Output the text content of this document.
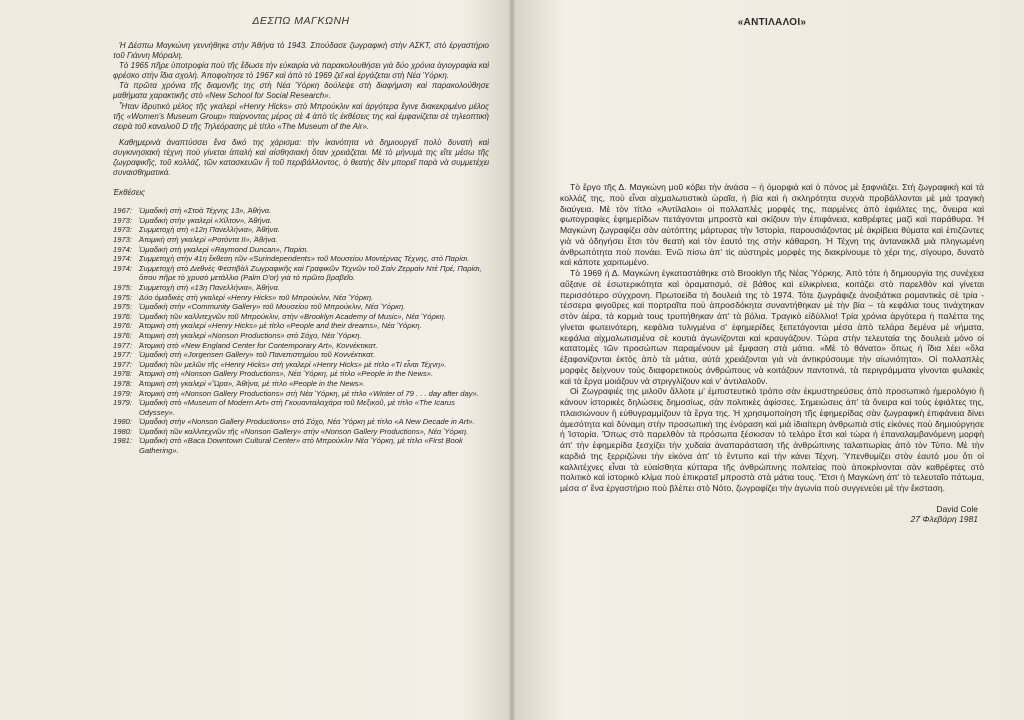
ΔΕΣΠΩ ΜΑΓΚΩΝΗ

Ἡ Δέσπω Μαγκώνη γεννήθηκε στὴν Ἀθήνα τὸ 1943. Σπούδασε ζωγραφικὴ στὴν ΑΣΚΤ, στὸ ἐργαστήριο τοῦ Γιάννη Μόραλη.

Τὸ 1965 πῆρε ὑποτροφία ποὺ τῆς ἔδωσε τὴν εὐκαιρία νὰ παρακολουθήσει γιὰ δύο χρόνια ἁγιογραφία καὶ φρέσκο στὴν ἴδια σχολή. Ἀποφοίτησε τὸ 1967 καὶ ἀπὸ τὸ 1969 ζεῖ καὶ ἐργάζεται στὴ Νέα Ὑόρκη.

Τὰ πρῶτα χρόνια τῆς διαμονῆς της στὴ Νέα Ὑόρκη δούλεψε στὴ διαφήμιση καὶ παρακολούθησε μαθήματα χαρακτικῆς στὸ «New School for Social Research».

Ἦταν ἱδρυτικὸ μέλος τῆς γκαλερὶ «Henry Hicks» στὸ Μπρούκλιν καὶ ἀργότερα ἔγινε διακεκριμένο μέλος τῆς «Women's Museum Group» παίρνοντας μέρος σὲ 4 ἀπὸ τὶς ἐκθέσεις της καὶ ἐμφανίζεται σὲ τηλεοπτικὴ σειρὰ τοῦ καναλιοῦ D τῆς Τηλεόρασης μὲ τίτλο «The Museum of the Air».

Καθημερινὰ ἀναπτύσσει ἕνα δικό της χάρισμα: τὴν ἱκανότητα νὰ δημιουργεῖ πολὺ δυνατὴ καὶ συγκινησιακὴ τέχνη ποὺ γίνεται ἁπαλὴ καὶ αἰσθησιακὴ ὅταν χρειάζεται. Μὲ τὸ μήνυμά της εἴτε μέσω τῆς ζωγραφικῆς, τοῦ κολλάζ, τῶν κατασκευῶν ἢ τοῦ περιβάλλοντος, ὁ θεατὴς δὲν μπορεῖ παρὰ νὰ συμμετέχει συναισθηματικά.

Ἐκθέσεις
1967: Ὁμαδικὴ στὴ «Στοὰ Τέχνης 13», Ἀθήνα.
1973: Ὁμαδικὴ στὴν γκαλερὶ «Χίλτον», Ἀθήνα.
1973: Συμμετοχὴ στὴ «12η Πανελλήνια», Ἀθήνα.
1973: Ἀτομικὴ στὴ γκαλερὶ «Ροτόντα II», Ἀθήνα.
1974: Ὁμαδικὴ στὴ γκαλερὶ «Raymond Duncan», Παρίσι.
1974: Συμμετοχὴ στὴν 41η ἔκθεση τῶν «Surindependents» τοῦ Μουσείου Μοντέρνας Τέχνης, στὸ Παρίσι.
1974: Συμμετοχὴ στὸ Διεθνὲς Φεστιβὰλ Ζωγραφικῆς καὶ Γραφικῶν Τεχνῶν τοῦ Σαὶν Ζερμαὶν Ντὲ Πρέ, Παρίσι, ὅπου πῆρε τὸ χρυσὸ μετάλλιο (Palm D'or) γιὰ τὸ πρῶτο βραβεῖο.
1975: Συμμετοχὴ στὴ «13η Πανελλήνια», Ἀθήνα.
1975: Δύο ὁμαδικὲς στὴ γκαλερὶ «Henry Hicks» τοῦ Μπρούκλιν, Νέα Ὑόρκη.
1975: Ὁμαδικὴ στὴν «Community Gallery» τοῦ Μουσείου τοῦ Μπρούκλιν, Νέα Ὑόρκη.
1976: Ὁμαδικὴ τῶν καλλιτεχνῶν τοῦ Μπρούκλιν, στὴν «Brooklyn Academy of Music», Νέα Ὑόρκη.
1976: Ἀτομικὴ στὴ γκαλερὶ «Henry Hicks» μὲ τίτλο «People and their dreams», Νέα Ὑόρκη.
1976: Ἀτομικὴ στὴ γκαλερὶ «Nonson Productions» στὸ Σόχο, Νέα Ὑόρκη.
1977: Ἀτομικὴ στὸ «New England Center for Contemporary Art», Κοννέκτικατ.
1977: Ὁμαδικὴ στὴ «Jorgensen Gallery» τοῦ Πανεπιστημίου τοῦ Κοννέκτικατ.
1977: Ὁμαδικὴ τῶν μελῶν τῆς «Henry Hicks» στὴ γκαλερὶ «Henry Hicks» μὲ τίτλο «Τί εἶναι Τέχνη».
1978: Ἀτομικὴ στὴ «Nonson Gallery Productions», Νέα Ὑόρκη, μὲ τίτλο «People in the News».
1978: Ἀτομικὴ στὴ γκαλερὶ «Ὥρα», Ἀθήνα, μὲ τίτλο «People in the News».
1979: Ἀτομικὴ στὴ «Nonson Gallery Productions» στὴ Νέα Ὑόρκη, μὲ τίτλο «Winter of 79 . . . day after day».
1979: Ὁμαδικὴ στὸ «Museum of Modern Art» στὴ Γκουανταλαχάρα τοῦ Μεξικοῦ, μὲ τίτλο «The Icarus Odyssey».
1980: Ὁμαδικὴ στὴν «Nonson Gallery Productions» στὸ Σόχο, Νέα Ὑόρκη μὲ τίτλο «A New Decade in Art».
1980: Ὁμαδικὴ τῶν καλλιτεχνῶν τῆς «Nonson Gallery» στὴν «Nonson Gallery Productions», Νέα Ὑόρκη.
1981: Ὁμαδικὴ στὸ «Baca Downtown Cultural Center» στὸ Μπρούκλιν Νέα Ὑόρκη, μὲ τίτλο «First Book Gathering».
«ΑΝΤΙΛΑΛΟΙ»

Τὸ ἔργο τῆς Δ. Μαγκώνη μοῦ κόβει τὴν ἀνάσα – ἡ ὀμορφιὰ καὶ ὁ πόνος μὲ ξαφνιάζει. Στὴ ζωγραφικὴ καὶ τὰ κολλάζ της, ποὺ εἶναι αἰχμαλωτιστικὰ ὡραῖα, ἡ βία καὶ ἡ σκληρότητα συχνὰ προβάλλονται μὲ μιὰ τραγικὴ διαύγεια. Μὲ τὸν τίτλο «Ἀντίλαλοι» οἱ πολλαπλὲς μορφές της, παρμένες ἀπὸ ἐφιάλτες της, ὄνειρα καὶ φωτογραφίες ἐφημερίδων πετάγονται μπροστὰ καὶ σκίζουν τὴν ἐπιφάνεια, καθρέφτες μαζὶ καὶ παράθυρα. Ἡ Μαγκώνη ζωγραφίζει σὰν αὐτόπτης μάρτυρας τὴν Ἱστορία, παρουσιάζοντας μὲ ἀκρίβεια θύματα καὶ ἐπιζῶντες γιὰ νὰ ὁδηγήσει ἔτσι τὸν θεατὴ καὶ τὸν ἑαυτό της στὴν κάθαρση. Ἡ Τέχνη της ἀντανακλᾶ μιὰ πληγωμένη ἀνθρωπότητα ποὺ πονάει. Ἐνῶ πίσω ἀπ' τὶς αὐστηρὲς μορφές της διακρίνουμε τὸ χέρι της, σίγουρο, δυνατὸ καὶ κάποτε χαριτωμένο.

Τὸ 1969 ἡ Δ. Μαγκώνη ἐγκαταστάθηκε στὸ Brooklyn τῆς Νέας Ὑόρκης. Ἀπὸ τότε ἡ δημιουργία της συνέχεια αὔξανε σὲ ἐσωτερικότητα καὶ ὁραματισμό, σὲ βάθος καὶ εἰλικρίνεια, κοιτάζει στὸ παρελθὸν καὶ γίνεται περισσότερο σύγχρονη. Πρωτοείδα τὴ δουλειά της τὸ 1974. Τότε ζωγράφιζε ἀνοιξιάτικα ρομαντικὲς σὲ τρία - τέσσερα φιγοῦρες καὶ πορτραῖτα ποὺ ἀπροσδόκητα συναντήθηκαν μὲ τὴν βία – τὰ κεφάλια τους τινάχτηκαν στὸν ἀέρα, τὰ κορμιὰ τους τρυπήθηκαν ἀπ' τὰ βόλια. Τραγικὸ εἰδύλλιο! Τρία χρόνια ἀργότερα ἡ παλέττα της γίνεται φωτεινότερη, κεφάλια τυλιγμένα σ' ἐφημερίδες ξεπετάγονται μέσα ἀπὸ τελάρα δεμένα μὲ νήματα, κεφάλια αἰχμαλωτισμένα σὲ κουτιὰ ἀγωνίζονται καὶ κραυγάζουν. Τώρα στὴν τελευταία της δουλειὰ μόνο οἱ κατατομὲς τῶν προσώπων παραμένουν μὲ ἔμφαση στὰ μάτια. «Μὲ τὸ θάνατο» ὅπως ἡ ἴδια λέει «ὅλα ἐξαφανίζονται ἐκτὸς ἀπὸ τὰ μάτια, αὐτὰ χρειάζονται γιὰ νὰ ἀντικρύσουμε τὴν αἰωνιότητα». Οἱ πολλαπλὲς μορφὲς δείχνουν τοὺς διαφορετικοὺς ἀνθρώπους νὰ κοιτάζουν παντοτινά, τὰ περιγράμματα γίνονται φυλακὲς καὶ τὰ ἔργα μοιάζουν νὰ στριγγλίζουν καὶ ν' ἀντιλαλοῦν.

Οἱ Ζωγραφιές της μιλοῦν ἄλλοτε μ' ἐμπιστευτικὸ τρόπο σὰν ἐκμυστηρεύσεις ἀπὸ προσωπικὸ ἡμερολόγιο ἢ κάνουν ἱστορικὲς δηλώσεις δημοσίως, σὰν πολιτικὲς ἀφίσσες. Σημειώσεις ἀπ' τὰ ὄνειρα καὶ τοὺς ἐφιάλτες της, πλαισιώνουν ἢ εὐθυγραμμίζουν τὰ ἔργα της. Ἡ χρησιμοποίηση τῆς ἐφημερίδας σὰν ζωγραφικὴ ἐπιφάνεια δίνει ἀμεσότητα καὶ δύναμη στὴν προσωπικὴ της ἐνόραση καὶ μιὰ ἰδιαίτερη ἀνθρωπιὰ στὶς εἰκόνες ποὺ δημιούργησε ἡ Ἱστορία. Ὅπως στὸ παρελθὸν τὰ πρόσωπα ξέσκισαν τὸ τελάρο ἔτσι καὶ τώρα ἡ ἐπαναλαμβανόμενη μορφὴ ἀπ' τὴν ἐφημερίδα ξεσχίζει τὴν χυδαία ἀναπαράσταση τῆς ἀνθρώπινης ταλαιπωρίας ἀπὸ τὸν Τύπο. Μὲ τὴν καρδιά της ξερριζώνει τὴν εἰκόνα ἀπ' τὸ ἔντυπο καὶ τὴν κάνει Τέχνη. Ὑπενθυμίζει στὸν ἑαυτό μου ὅτι οἱ καλλιτέχνες εἶναι τὰ εὐαίσθητα κύτταρα τῆς ἀνθρώπινης πολιτείας ποὺ ἀποκρίνονται σὰν καθρέφτες στὸ πολιτικὸ καὶ ἱστορικὸ κλίμα ποὺ ἐπικρατεῖ μπροστὰ στὰ μάτια τους. Ἔτσι ἡ Μαγκώνη ἀπ' τὸ τελευταῖο πάτωμα, μέσα σ' ἕνα ἐργαστήριο ποὺ βλέπει στὸ Νότο, ζωγραφίζει τὴν ἀγωνία ποὺ συγγενεύει μὲ τὴν ἔκσταση.

David Cole
27 Φλεβάρη 1981
